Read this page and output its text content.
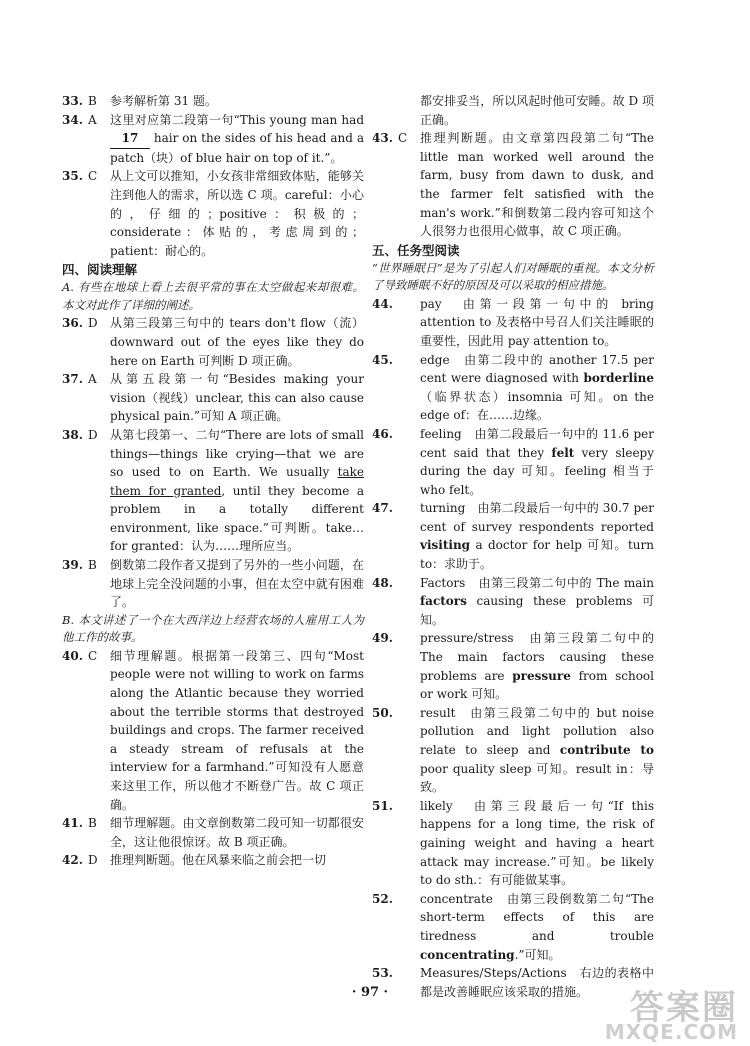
33. B 参考解析第 31 题。
34. A 这里对应第二段第一句“This young man had 17 hair on the sides of his head and a patch（块）of blue hair on top of it.”。
35. C 从上文可以推知，小女孩非常细致体贴，能够关注到他人的需求，所以选 C 项。careful：小心的，仔细的；positive：积极的；considerate：体贴的，考虑周到的；patient：耐心的。
四、阅读理解
A. 有些在地球上看上去很平常的事在太空做起来却很难。本文对此作了详细的阐述。
36. D 从第三段第三句中的 tears don't flow（流）downward out of the eyes like they do here on Earth 可判断 D 项正确。
37. A 从第五段第一句“Besides making your vision（视线）unclear, this can also cause physical pain.”可知 A 项正确。
38. D 从第七段第一、二句“There are lots of small things—things like crying—that we are so used to on Earth. We usually take them for granted, until they become a problem in a totally different environment, like space.”可判断。take…for granted：认为……理所应当。
39. B 倒数第二段作者又提到了另外的一些小问题，在地球上完全没问题的小事，但在太空中就有困难了。
B. 本文讲述了一个在大西洋边上经营农场的人雇用工人为他工作的故事。
40. C 细节理解题。根据第一段第三、四句“Most people were not willing to work on farms along the Atlantic because they worried about the terrible storms that destroyed buildings and crops. The farmer received a steady stream of refusals at the interview for a farmhand.”可知没有人愿意来这里工作，所以他才不断登广告。故 C 项正确。
41. B 细节理解题。由文章倒数第二段可知一切都很安全，这让他很惊讶。故 B 项正确。
42. D 推理判断题。他在风暴来临之前会把一切
都安排妥当，所以风起时他可安睡。故 D 项正确。
43. C 推理判断题。由文章第四段第二句“The little man worked well around the farm, busy from dawn to dusk, and the farmer felt satisfied with the man's work.”和倒数第二段内容可知这个人很努力也很用心做事，故 C 项正确。
五、任务型阅读
“世界睡眠日”是为了引起人们对睡眠的重视。本文分析了导致睡眠不好的原因及可以采取的相应措施。
44. pay　由第一段第一句中的 bring attention to 及表格中号召人们关注睡眠的重要性，因此用 pay attention to。
45. edge　由第二段中的 another 17.5 per cent were diagnosed with borderline（临界状态）insomnia 可知。on the edge of：在……边缘。
46. feeling　由第二段最后一句中的 11.6 per cent said that they felt very sleepy during the day 可知。feeling 相当于 who felt。
47. turning　由第二段最后一句中的 30.7 per cent of survey respondents reported visiting a doctor for help 可知。turn to：求助于。
48. Factors　由第三段第二句中的 The main factors causing these problems 可知。
49. pressure/stress　由第三段第二句中的 The main factors causing these problems are pressure from school or work 可知。
50. result　由第三段第二句中的 but noise pollution and light pollution also relate to sleep and contribute to poor quality sleep 可知。result in：导致。
51. likely　由第三段最后一句“If this happens for a long time, the risk of gaining weight and having a heart attack may increase.”可知。be likely to do sth.：有可能做某事。
52. concentrate　由第三段倒数第二句“The short-term effects of this are tiredness and trouble concentrating.”可知。
53. Measures/Steps/Actions　右边的表格中都是改善睡眠应该采取的措施。
· 97 ·	答案圈
MXQE.COM
